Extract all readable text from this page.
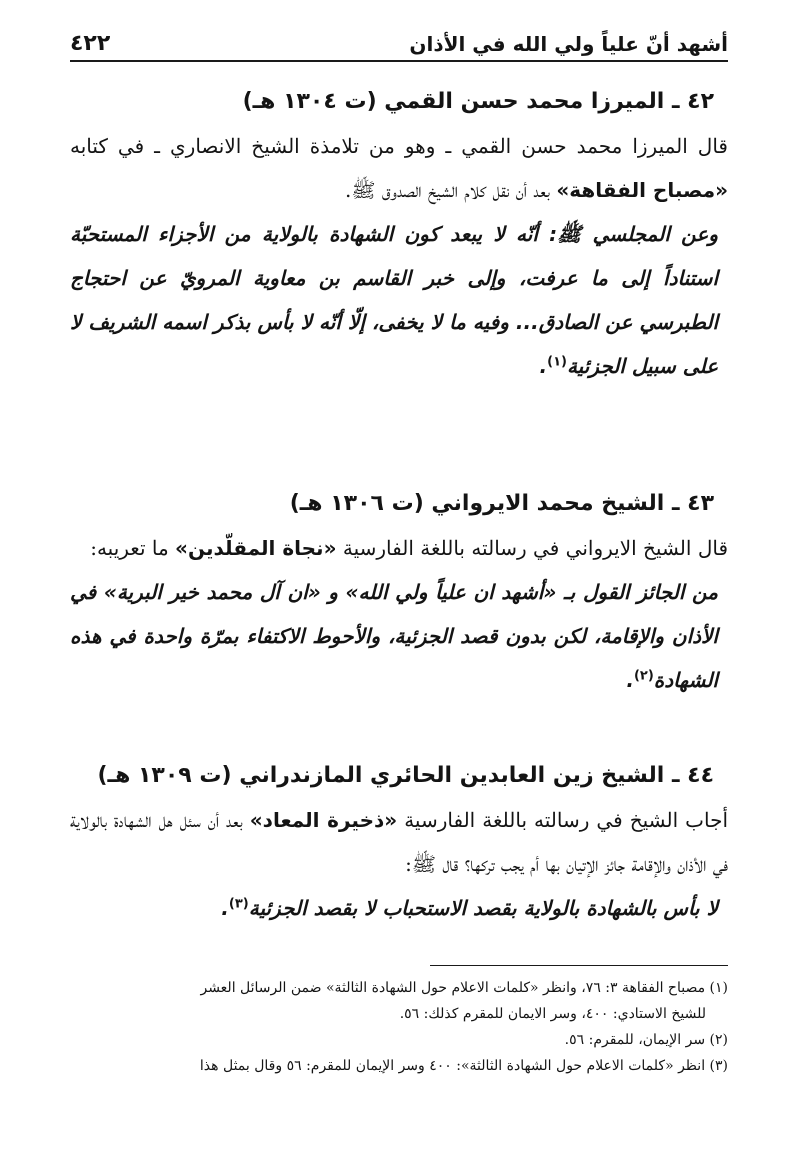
أشهد أنّ علياً ولي الله في الأذان
٤٢٢
٤٢ ـ الميرزا محمد حسن القمي (ت ١٣٠٤ هـ)

قال الميرزا محمد حسن القمي ـ وهو من تلامذة الشيخ الانصاري ـ في كتابه «مصباح الفقاهة» بعد أن نقل كلام الشيخ الصدوق ﷺ.

وعن المجلسي ﷺ: أنّه لا يبعد كون الشهادة بالولاية من الأجزاء المستحبّة استناداً إلى ما عرفت، وإلى خبر القاسم بن معاوية المرويّ عن احتجاج الطبرسي عن الصادق... وفيه ما لا يخفى، إلّا أنّه لا بأس بذكر اسمه الشريف لا على سبيل الجزئية$^{(١)}$.

٤٣ ـ الشيخ محمد الايرواني (ت ١٣٠٦ هـ)

قال الشيخ الايرواني في رسالته باللغة الفارسية «نجاة المقلّدين» ما تعريبه:

من الجائز القول بـ «أشهد ان علياً ولي الله» و «ان آل محمد خير البرية» في الأذان والإقامة، لكن بدون قصد الجزئية، والأحوط الاكتفاء بمرّة واحدة في هذه الشهادة$^{(٢)}$.

٤٤ ـ الشيخ زين العابدين الحائري المازندراني (ت ١٣٠٩ هـ)

أجاب الشيخ في رسالته باللغة الفارسية «ذخيرة المعاد» بعد أن سئل هل الشهادة بالولاية في الأذان والإقامة جائز الإتيان بها أم يجب تركها؟ قال ﷺ:

لا بأس بالشهادة بالولاية بقصد الاستحباب لا بقصد الجزئية$^{(٣)}$.

(١) مصباح الفقاهة ٣: ٧٦، وانظر «كلمات الاعلام حول الشهادة الثالثة» ضمن الرسائل العشر

للشيخ الاستادي: ٤٠٠، وسر الايمان للمقرم كذلك: ٥٦.

(٢) سر الإيمان، للمقرم: ٥٦.

(٣) انظر «كلمات الاعلام حول الشهادة الثالثة»: ٤٠٠ وسر الإيمان للمقرم: ٥٦ وقال بمثل هذا
